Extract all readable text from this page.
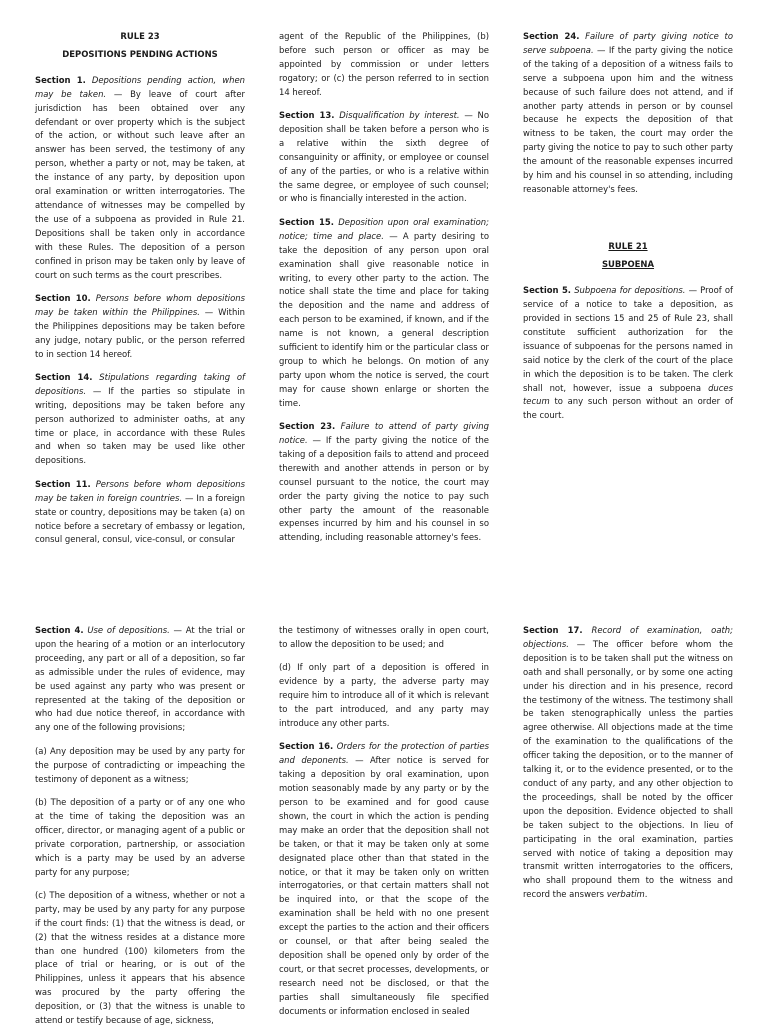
RULE 23

DEPOSITIONS PENDING ACTIONS

Section 1. Depositions pending action, when may be taken. — By leave of court after jurisdiction has been obtained over any defendant or over property which is the subject of the action, or without such leave after an answer has been served, the testimony of any person, whether a party or not, may be taken, at the instance of any party, by deposition upon oral examination or written interrogatories. The attendance of witnesses may be compelled by the use of a subpoena as provided in Rule 21. Depositions shall be taken only in accordance with these Rules. The deposition of a person confined in prison may be taken only by leave of court on such terms as the court prescribes.

Section 10. Persons before whom depositions may be taken within the Philippines. — Within the Philippines depositions may be taken before any judge, notary public, or the person referred to in section 14 hereof.

Section 14. Stipulations regarding taking of depositions. — If the parties so stipulate in writing, depositions may be taken before any person authorized to administer oaths, at any time or place, in accordance with these Rules and when so taken may be used like other depositions.

Section 11. Persons before whom depositions may be taken in foreign countries. — In a foreign state or country, depositions may be taken (a) on notice before a secretary of embassy or legation, consul general, consul, vice-consul, or consular

agent of the Republic of the Philippines, (b) before such person or officer as may be appointed by commission or under letters rogatory; or (c) the person referred to in section 14 hereof.

Section 13. Disqualification by interest. — No deposition shall be taken before a person who is a relative within the sixth degree of consanguinity or affinity, or employee or counsel of any of the parties, or who is a relative within the same degree, or employee of such counsel; or who is financially interested in the action.

Section 15. Deposition upon oral examination; notice; time and place. — A party desiring to take the deposition of any person upon oral examination shall give reasonable notice in writing, to every other party to the action. The notice shall state the time and place for taking the deposition and the name and address of each person to be examined, if known, and if the name is not known, a general description sufficient to identify him or the particular class or group to which he belongs. On motion of any party upon whom the notice is served, the court may for cause shown enlarge or shorten the time.

Section 23. Failure to attend of party giving notice. — If the party giving the notice of the taking of a deposition fails to attend and proceed therewith and another attends in person or by counsel pursuant to the notice, the court may order the party giving the notice to pay such other party the amount of the reasonable expenses incurred by him and his counsel in so attending, including reasonable attorney's fees.

Section 24. Failure of party giving notice to serve subpoena. — If the party giving the notice of the taking of a deposition of a witness fails to serve a subpoena upon him and the witness because of such failure does not attend, and if another party attends in person or by counsel because he expects the deposition of that witness to be taken, the court may order the party giving the notice to pay to such other party the amount of the reasonable expenses incurred by him and his counsel in so attending, including reasonable attorney's fees.

RULE 21

SUBPOENA

Section 5. Subpoena for depositions. — Proof of service of a notice to take a deposition, as provided in sections 15 and 25 of Rule 23, shall constitute sufficient authorization for the issuance of subpoenas for the persons named in said notice by the clerk of the court of the place in which the deposition is to be taken. The clerk shall not, however, issue a subpoena duces tecum to any such person without an order of the court.

Section 4. Use of depositions. — At the trial or upon the hearing of a motion or an interlocutory proceeding, any part or all of a deposition, so far as admissible under the rules of evidence, may be used against any party who was present or represented at the taking of the deposition or who had due notice thereof, in accordance with any one of the following provisions;

(a) Any deposition may be used by any party for the purpose of contradicting or impeaching the testimony of deponent as a witness;

(b) The deposition of a party or of any one who at the time of taking the deposition was an officer, director, or managing agent of a public or private corporation, partnership, or association which is a party may be used by an adverse party for any purpose;

(c) The deposition of a witness, whether or not a party, may be used by any party for any purpose if the court finds: (1) that the witness is dead, or (2) that the witness resides at a distance more than one hundred (100) kilometers from the place of trial or hearing, or is out of the Philippines, unless it appears that his absence was procured by the party offering the deposition, or (3) that the witness is unable to attend or testify because of age, sickness,

the testimony of witnesses orally in open court, to allow the deposition to be used; and

(d) If only part of a deposition is offered in evidence by a party, the adverse party may require him to introduce all of it which is relevant to the part introduced, and any party may introduce any other parts.

Section 16. Orders for the protection of parties and deponents. — After notice is served for taking a deposition by oral examination, upon motion seasonably made by any party or by the person to be examined and for good cause shown, the court in which the action is pending may make an order that the deposition shall not be taken, or that it may be taken only at some designated place other than that stated in the notice, or that it may be taken only on written interrogatories, or that certain matters shall not be inquired into, or that the scope of the examination shall be held with no one present except the parties to the action and their officers or counsel, or that after being sealed the deposition shall be opened only by order of the court, or that secret processes, developments, or research need not be disclosed, or that the parties shall simultaneously file specified documents or information enclosed in sealed

Section 17. Record of examination, oath; objections. — The officer before whom the deposition is to be taken shall put the witness on oath and shall personally, or by some one acting under his direction and in his presence, record the testimony of the witness. The testimony shall be taken stenographically unless the parties agree otherwise. All objections made at the time of the examination to the qualifications of the officer taking the deposition, or to the manner of talking it, or to the evidence presented, or to the conduct of any party, and any other objection to the proceedings, shall be noted by the officer upon the deposition. Evidence objected to shall be taken subject to the objections. In lieu of participating in the oral examination, parties served with notice of taking a deposition may transmit written interrogatories to the officers, who shall propound them to the witness and record the answers verbatim.
